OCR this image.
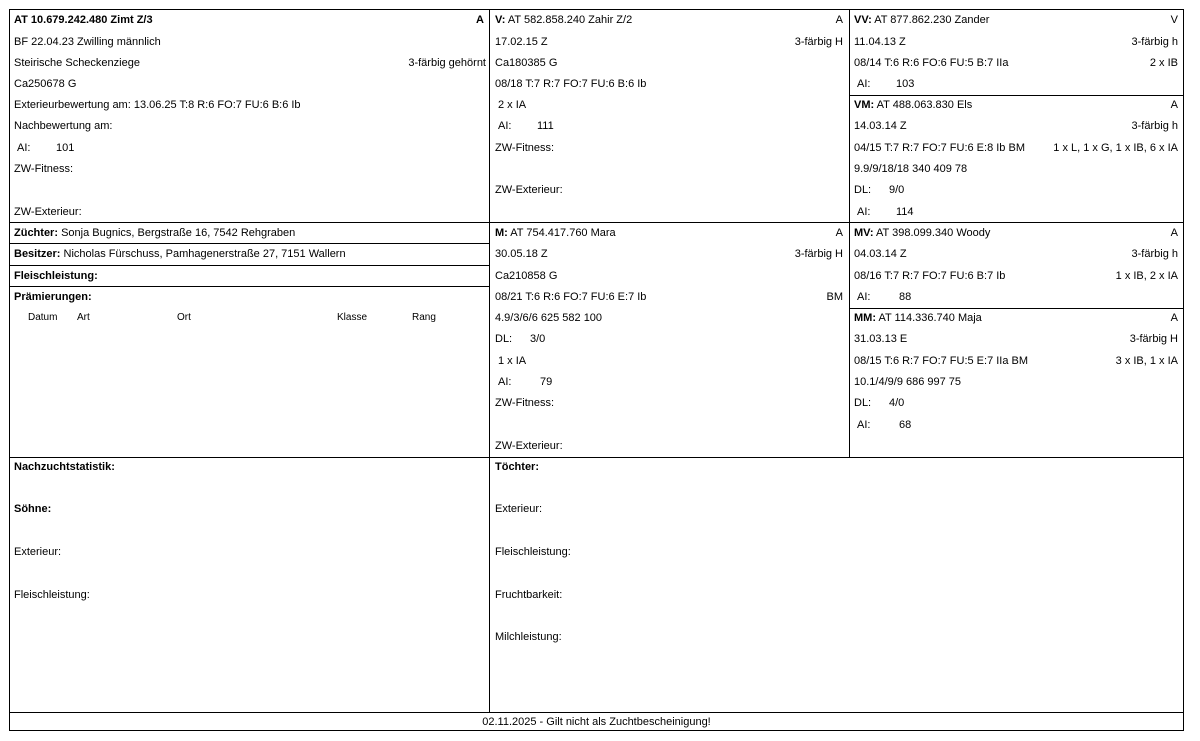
AT 10.679.242.480 Zimt Z/3	A
BF 22.04.23 Zwilling männlich
Steirische Scheckenziege	3-färbig gehörnt
Ca250678 G
Exterieurbewertung am: 13.06.25 T:8 R:6 FO:7 FU:6 B:6 Ib
Nachbewertung am:
AI: 101
ZW-Fitness:
ZW-Exterieur:
Züchter: Sonja Bugnics, Bergstraße 16, 7542 Rehgraben
Besitzer: Nicholas Fürschuss, Pamhagenerstraße 27, 7151 Wallern
Fleischleistung:
Prämierungen:
Datum Art	Ort	Klasse	Rang
V: AT 582.858.240 Zahir Z/2	A
17.02.15 Z	3-färbig H
Ca180385 G
08/18 T:7 R:7 FO:7 FU:6 B:6 Ib
2 x IA
AI: 111
ZW-Fitness:
ZW-Exterieur:
M: AT 754.417.760 Mara	A
30.05.18 Z	3-färbig H
Ca210858 G
08/21 T:6 R:6 FO:7 FU:6 E:7 Ib	BM
4.9/3/6/6 625 582 100
DL: 3/0
1 x IA
AI:	79
ZW-Fitness:
ZW-Exterieur:
VV: AT 877.862.230 Zander	V
11.04.13 Z	3-färbig h
08/14 T:6 R:6 FO:6 FU:5 B:7 IIa	2 x IB
AI: 103
VM: AT 488.063.830 Els	A
14.03.14 Z	3-färbig h
04/15 T:7 R:7 FO:7 FU:6 E:8 Ib BM	1 x L, 1 x G, 1 x IB, 6 x IA
9.9/9/18/18 340 409 78
DL: 9/0
AI: 114
MV: AT 398.099.340 Woody	A
04.03.14 Z	3-färbig h
08/16 T:7 R:7 FO:7 FU:6 B:7 Ib	1 x IB, 2 x IA
AI:	88
MM: AT 114.336.740 Maja	A
31.03.13 E	3-färbig H
08/15 T:6 R:7 FO:7 FU:5 E:7 IIa BM	3 x IB, 1 x IA
10.1/4/9/9 686 997 75
DL: 4/0
AI:	68
Nachzuchtstatistik:
Söhne:
Exterieur:
Fleischleistung:
Töchter:
Exterieur:
Fleischleistung:
Fruchtbarkeit:
Milchleistung:
02.11.2025 - Gilt nicht als Zuchtbescheinigung!
